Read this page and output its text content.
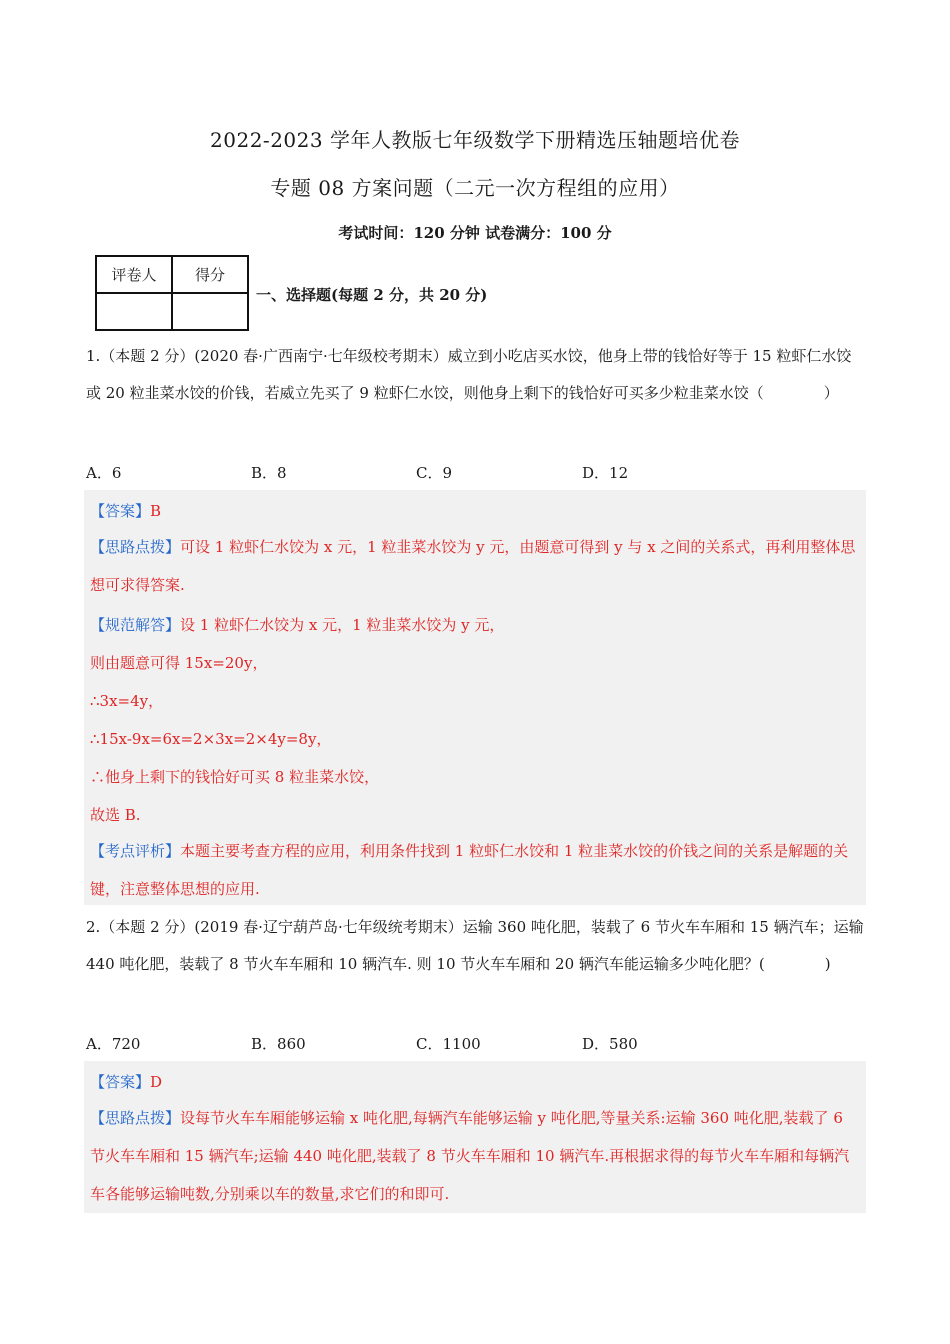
2022-2023 学年人教版七年级数学下册精选压轴题培优卷
专题 08 方案问题（二元一次方程组的应用）
考试时间：120 分钟 试卷满分：100 分
评卷人	得分

一、选择题(每题 2 分，共 20 分)
1.（本题 2 分）(2020 春·广西南宁·七年级校考期末）威立到小吃店买水饺，他身上带的钱恰好等于 15 粒虾仁水饺或 20 粒韭菜水饺的价钱，若威立先买了 9 粒虾仁水饺，则他身上剩下的钱恰好可买多少粒韭菜水饺（　　　　）
A．6	B．8	C．9	D．12
【答案】B
【思路点拨】可设 1 粒虾仁水饺为 x 元，1 粒韭菜水饺为 y 元，由题意可得到 y 与 x 之间的关系式，再利用整体思想可求得答案.
【规范解答】设 1 粒虾仁水饺为 x 元，1 粒韭菜水饺为 y 元，
则由题意可得 15x=20y，
∴3x=4y，
∴15x-9x=6x=2×3x=2×4y=8y，
∴他身上剩下的钱恰好可买 8 粒韭菜水饺，
故选 B.
【考点评析】本题主要考查方程的应用，利用条件找到 1 粒虾仁水饺和 1 粒韭菜水饺的价钱之间的关系是解题的关键，注意整体思想的应用.
2.（本题 2 分）(2019 春·辽宁葫芦岛·七年级统考期末）运输 360 吨化肥，装载了 6 节火车车厢和 15 辆汽车；运输 440 吨化肥，装载了 8 节火车车厢和 10 辆汽车. 则 10 节火车车厢和 20 辆汽车能运输多少吨化肥？(　　　　)
A．720	B．860	C．1100	D．580
【答案】D
【思路点拨】设每节火车车厢能够运输 x 吨化肥,每辆汽车能够运输 y 吨化肥,等量关系:运输 360 吨化肥,装载了 6 节火车车厢和 15 辆汽车;运输 440 吨化肥,装载了 8 节火车车厢和 10 辆汽车.再根据求得的每节火车车厢和每辆汽车各能够运输吨数,分别乘以车的数量,求它们的和即可.
